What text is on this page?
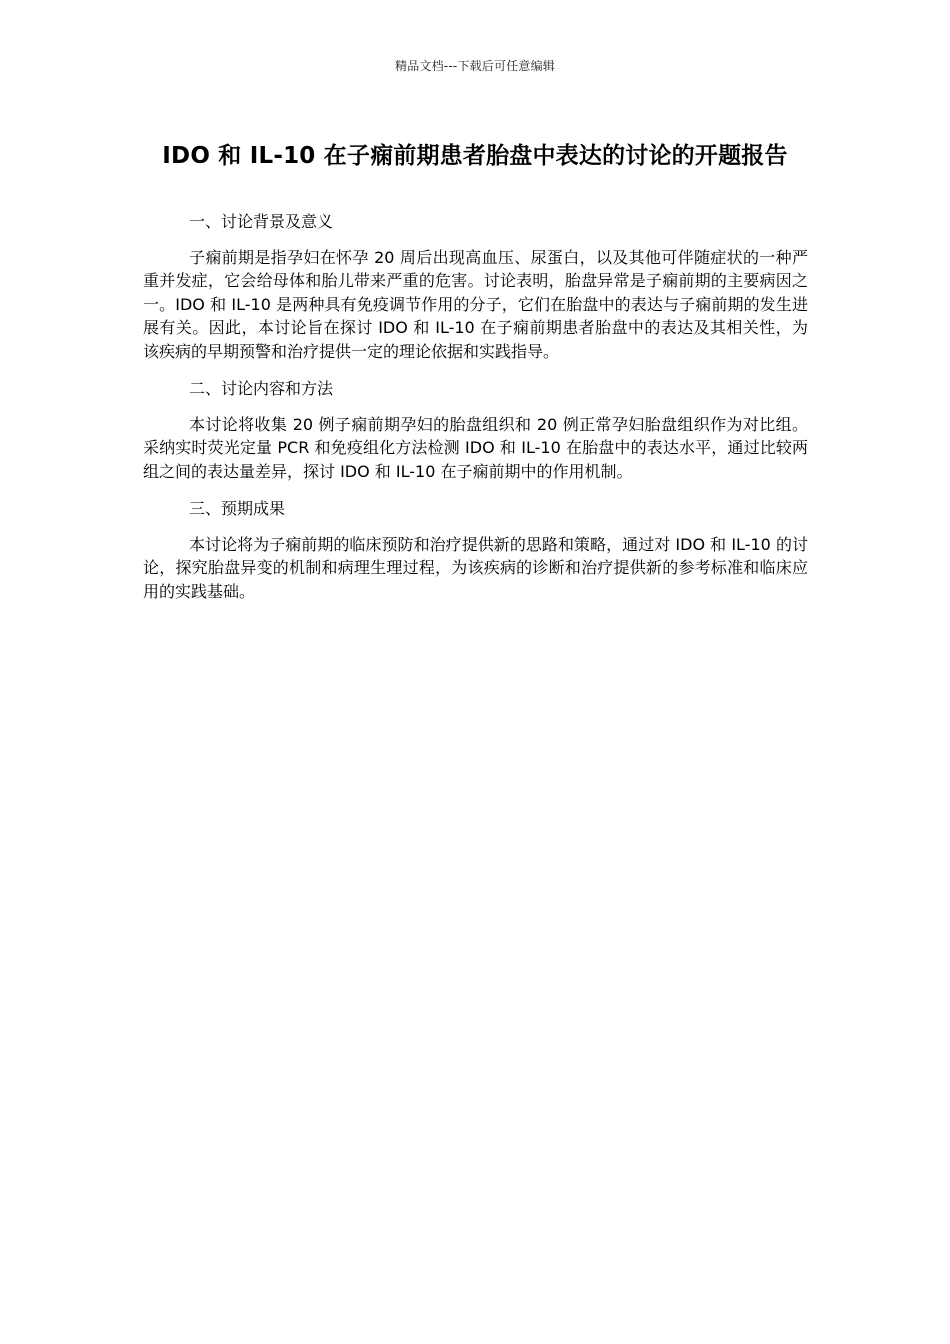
精品文档---下载后可任意编辑
IDO 和 IL-10 在子痫前期患者胎盘中表达的讨论的开题报告

一、讨论背景及意义

子痫前期是指孕妇在怀孕 20 周后出现高血压、尿蛋白，以及其他可伴随症状的一种严重并发症，它会给母体和胎儿带来严重的危害。讨论表明，胎盘异常是子痫前期的主要病因之一。IDO 和 IL-10 是两种具有免疫调节作用的分子，它们在胎盘中的表达与子痫前期的发生进展有关。因此，本讨论旨在探讨 IDO 和 IL-10 在子痫前期患者胎盘中的表达及其相关性，为该疾病的早期预警和治疗提供一定的理论依据和实践指导。

二、讨论内容和方法

本讨论将收集 20 例子痫前期孕妇的胎盘组织和 20 例正常孕妇胎盘组织作为对比组。采纳实时荧光定量 PCR 和免疫组化方法检测 IDO 和 IL-10 在胎盘中的表达水平，通过比较两组之间的表达量差异，探讨 IDO 和 IL-10 在子痫前期中的作用机制。

三、预期成果

本讨论将为子痫前期的临床预防和治疗提供新的思路和策略，通过对 IDO 和 IL-10 的讨论，探究胎盘异变的机制和病理生理过程，为该疾病的诊断和治疗提供新的参考标准和临床应用的实践基础。
